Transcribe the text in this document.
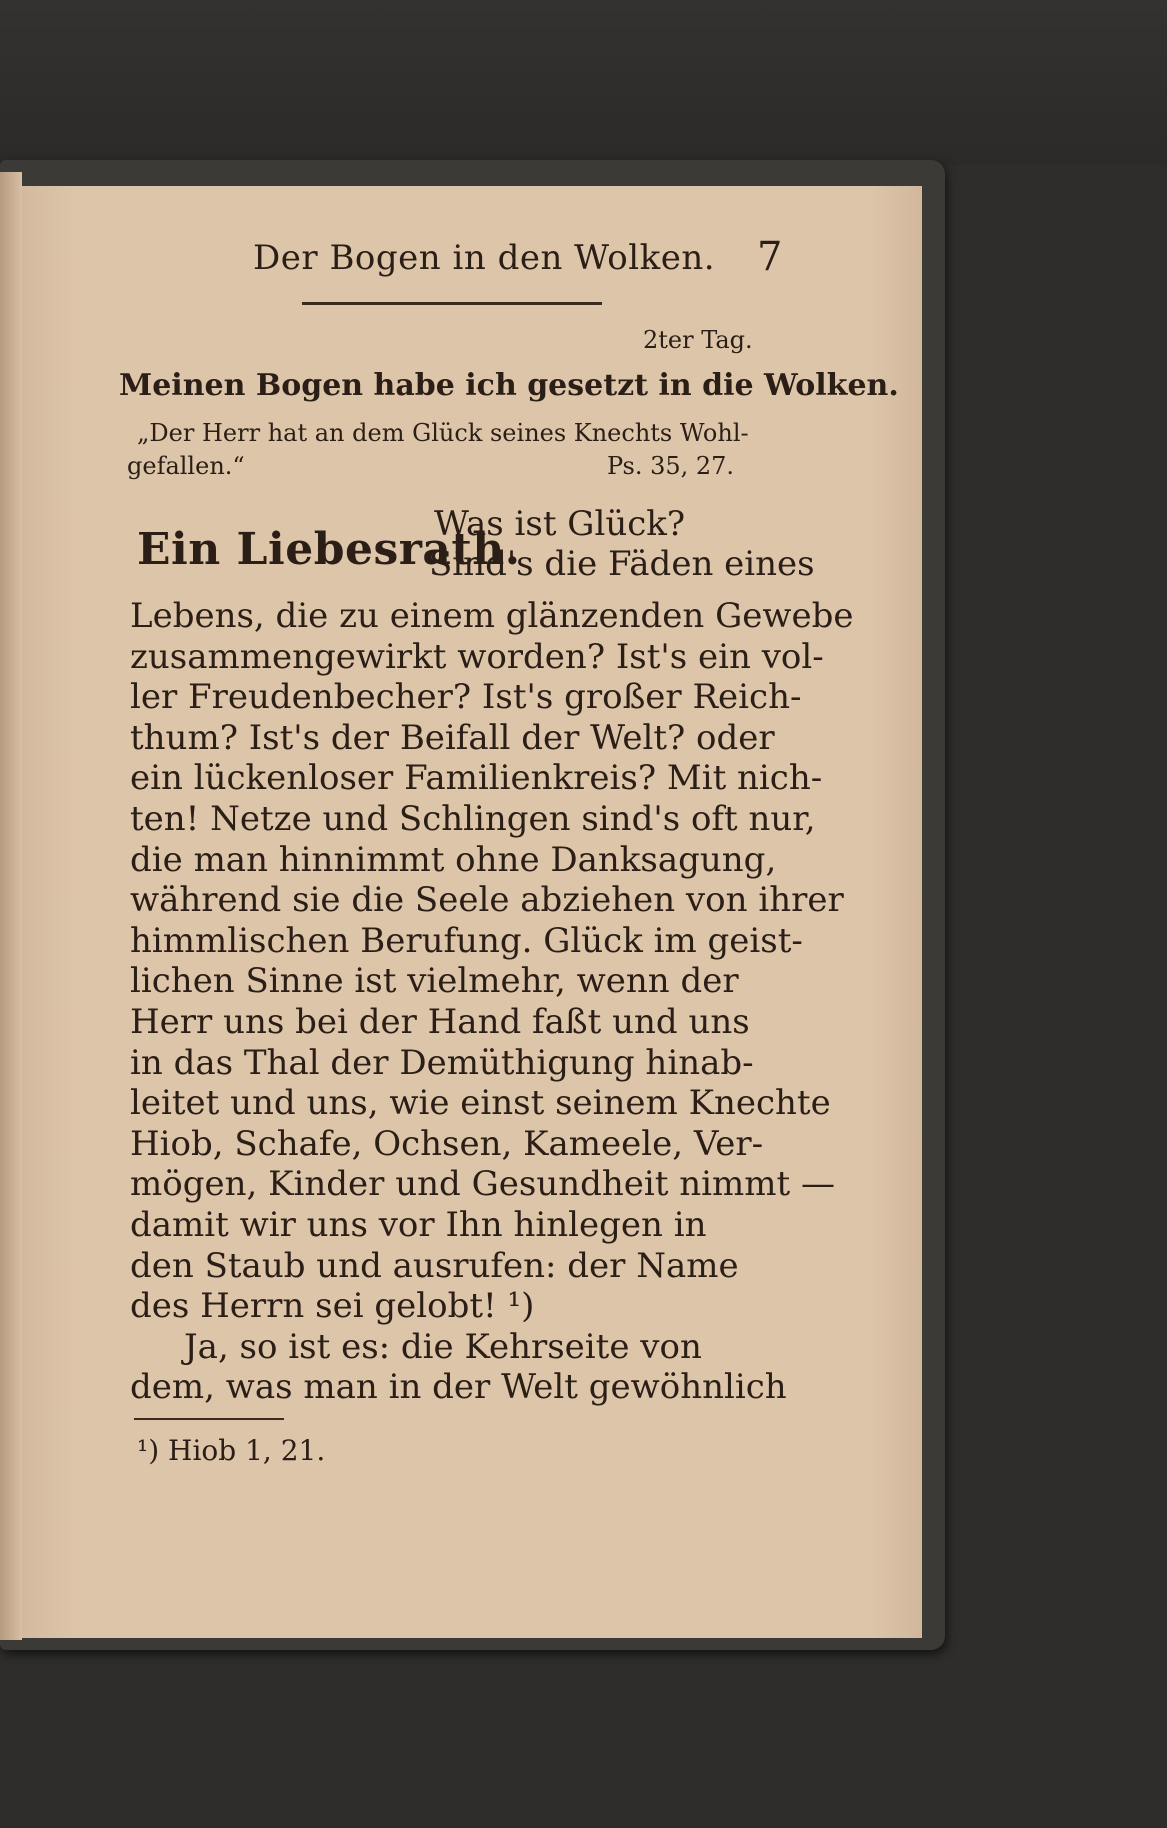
Der Bogen in den Wolken. 7
2ter Tag.
Meinen Bogen habe ich gesetzt in die Wolken.
„Der Herr hat an dem Glück seines Knechts Wohl-
gefallen.“	Ps. 35, 27.
Ein Liebesrath.
Was ist Glück?
Sind's die Fäden eines
Lebens, die zu einem glänzenden Gewebe
zusammengewirkt worden? Ist's ein vol-
ler Freudenbecher? Ist's großer Reich-
thum? Ist's der Beifall der Welt? oder
ein lückenloser Familienkreis? Mit nich-
ten! Netze und Schlingen sind's oft nur,
die man hinnimmt ohne Danksagung,
während sie die Seele abziehen von ihrer
himmlischen Berufung. Glück im geist-
lichen Sinne ist vielmehr, wenn der
Herr uns bei der Hand faßt und uns
in das Thal der Demüthigung hinab-
leitet und uns, wie einst seinem Knechte
Hiob, Schafe, Ochsen, Kameele, Ver-
mögen, Kinder und Gesundheit nimmt —
damit wir uns vor Ihn hinlegen in
den Staub und ausrufen: der Name
des Herrn sei gelobt! ¹)
Ja, so ist es: die Kehrseite von
dem, was man in der Welt gewöhnlich
¹) Hiob 1, 21.
